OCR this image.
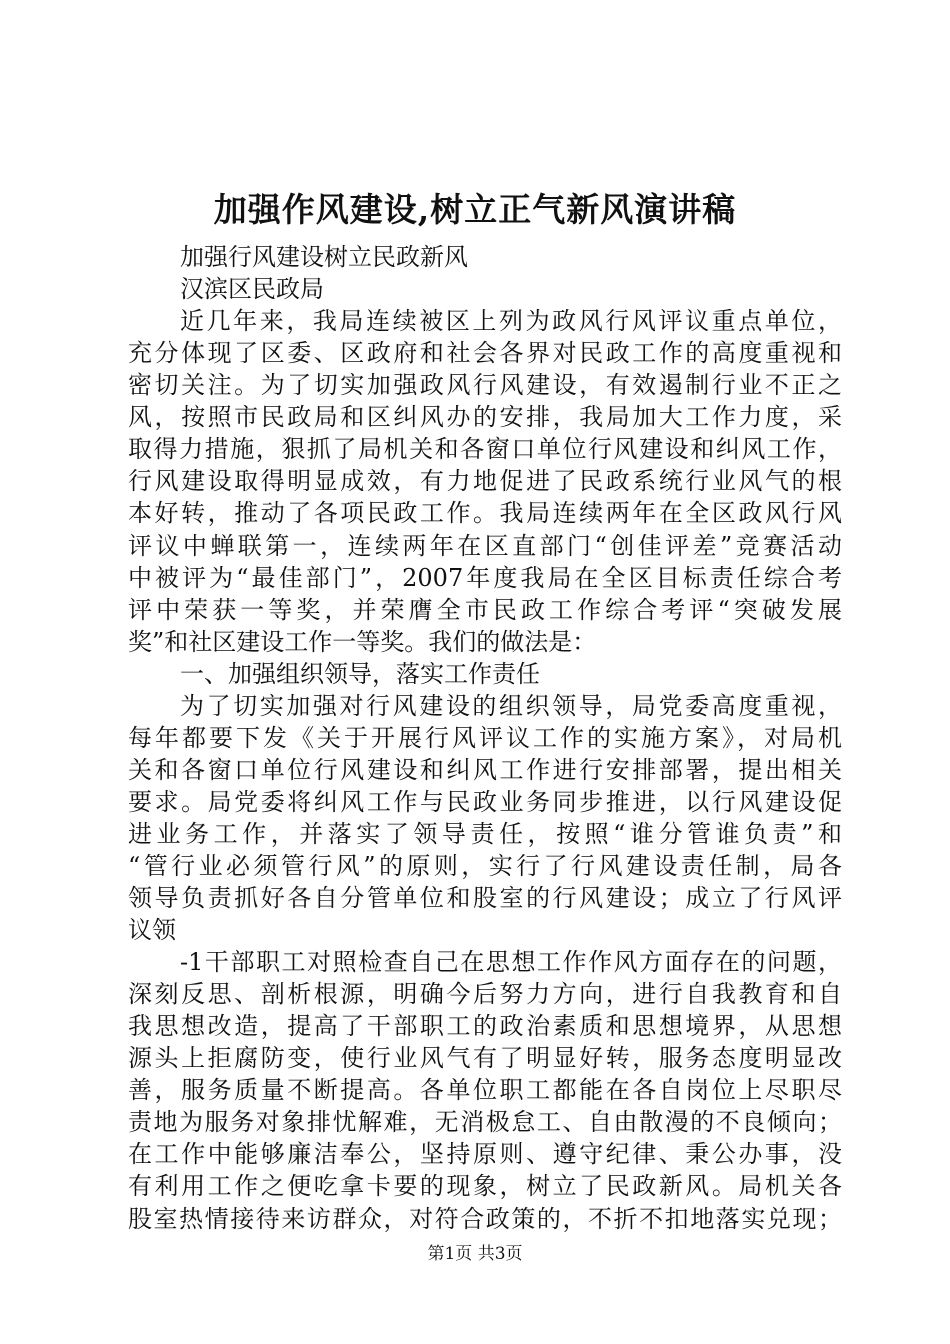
加强作风建设,树立正气新风演讲稿
加强行风建设树立民政新风
汉滨区民政局
近几年来，我局连续被区上列为政风行风评议重点单位，
充分体现了区委、区政府和社会各界对民政工作的高度重视和
密切关注。为了切实加强政风行风建设，有效遏制行业不正之
风，按照市民政局和区纠风办的安排，我局加大工作力度，采
取得力措施，狠抓了局机关和各窗口单位行风建设和纠风工作，
行风建设取得明显成效，有力地促进了民政系统行业风气的根
本好转，推动了各项民政工作。我局连续两年在全区政风行风
评议中蝉联第一，连续两年在区直部门“创佳评差”竞赛活动
中被评为“最佳部门”，2007年度我局在全区目标责任综合考
评中荣获一等奖，并荣膺全市民政工作综合考评“突破发展
奖”和社区建设工作一等奖。我们的做法是：
一、加强组织领导，落实工作责任
为了切实加强对行风建设的组织领导，局党委高度重视，
每年都要下发《关于开展行风评议工作的实施方案》，对局机
关和各窗口单位行风建设和纠风工作进行安排部署，提出相关
要求。局党委将纠风工作与民政业务同步推进，以行风建设促
进业务工作，并落实了领导责任，按照“谁分管谁负责”和
“管行业必须管行风”的原则，实行了行风建设责任制，局各
领导负责抓好各自分管单位和股室的行风建设；成立了行风评
议领
-1干部职工对照检查自己在思想工作作风方面存在的问题，
深刻反思、剖析根源，明确今后努力方向，进行自我教育和自
我思想改造，提高了干部职工的政治素质和思想境界，从思想
源头上拒腐防变，使行业风气有了明显好转，服务态度明显改
善，服务质量不断提高。各单位职工都能在各自岗位上尽职尽
责地为服务对象排忧解难，无消极怠工、自由散漫的不良倾向；
在工作中能够廉洁奉公，坚持原则、遵守纪律、秉公办事，没
有利用工作之便吃拿卡要的现象，树立了民政新风。局机关各
股室热情接待来访群众，对符合政策的，不折不扣地落实兑现；
第1页 共3页
